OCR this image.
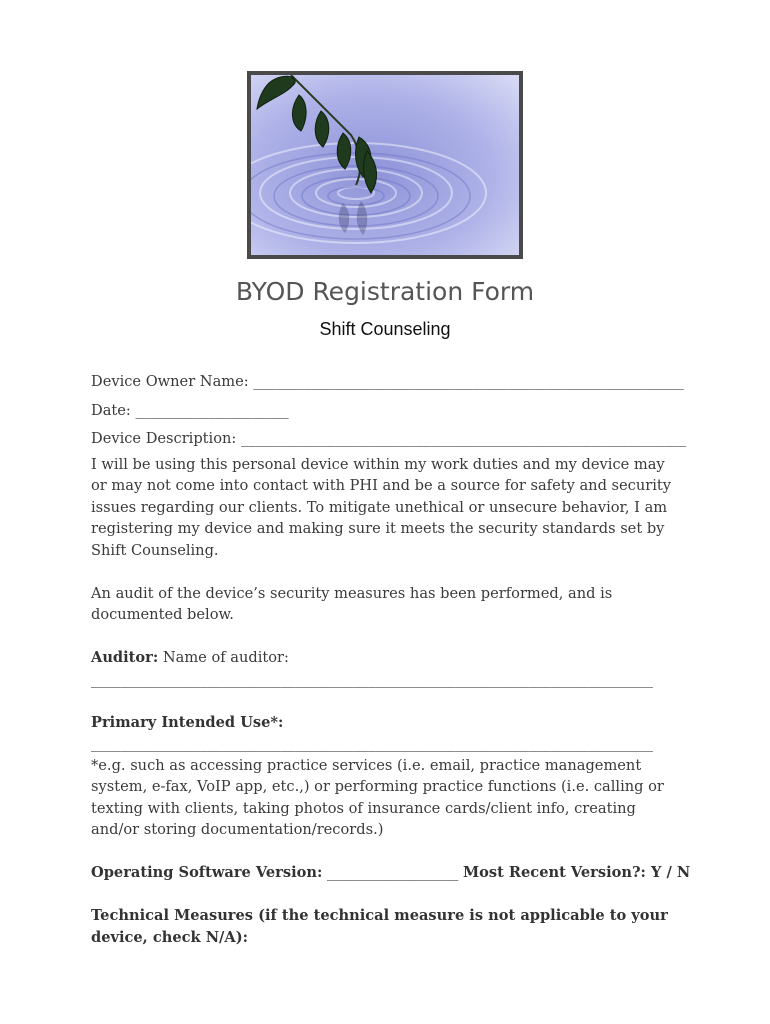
BYOD Registration Form
Shift Counseling

Device Owner Name: ___________________________________________________________

Date: _____________________

Device Description: _____________________________________________________________

I will be using this personal device within my work duties and my device may or may not come into contact with PHI and be a source for safety and security issues regarding our clients. To mitigate unethical or unsecure behavior, I am registering my device and making sure it meets the security standards set by Shift Counseling.

An audit of the device’s security measures has been performed, and is documented below.

Auditor: Name of auditor:

_____________________________________________________________________________

Primary Intended Use*:

_____________________________________________________________________________

*e.g. such as accessing practice services (i.e. email, practice management system, e-fax, VoIP app, etc.,) or performing practice functions (i.e. calling or texting with clients, taking photos of insurance cards/client info, creating and/or storing documentation/records.)

Operating Software Version: __________________ Most Recent Version?: Y / N

Technical Measures (if the technical measure is not applicable to your device, check N/A):
